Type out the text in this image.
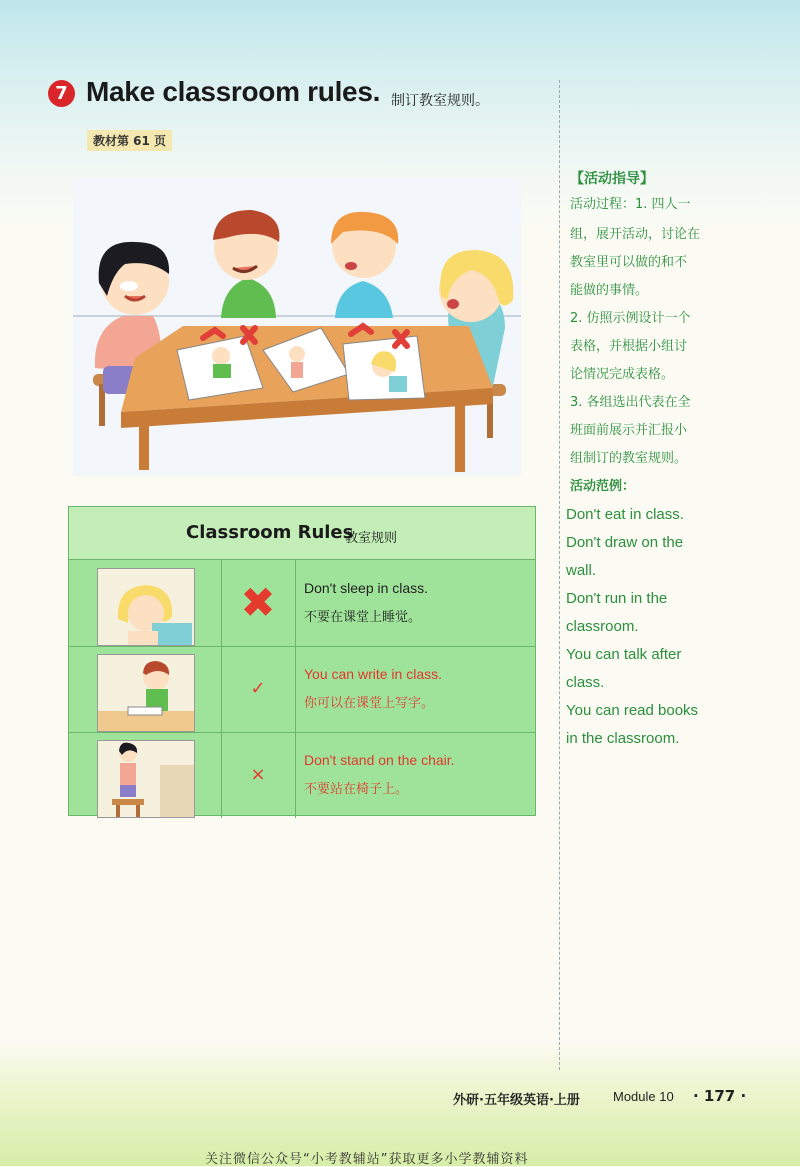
7 Make classroom rules. 制订教室规则。
教材第 61 页
Classroom Rules
教室规则
✖	Don't sleep in class.
不要在课堂上睡觉。
✓
You can write in class.
你可以在课堂上写字。
×
Don't stand on the chair.
不要站在椅子上。
【活动指导】
活动过程：1. 四人一
组，展开活动，讨论在
教室里可以做的和不
能做的事情。
2. 仿照示例设计一个
表格，并根据小组讨
论情况完成表格。
3. 各组选出代表在全
班面前展示并汇报小
组制订的教室规则。
活动范例：
Don't eat in class.
Don't draw on the
wall.
Don't run in the
classroom.
You can talk after
class.
You can read books
in the classroom.
外研·五年级英语·上册	Module 10 · 177 ·
关注微信公众号“小考教辅站”获取更多小学教辅资料
